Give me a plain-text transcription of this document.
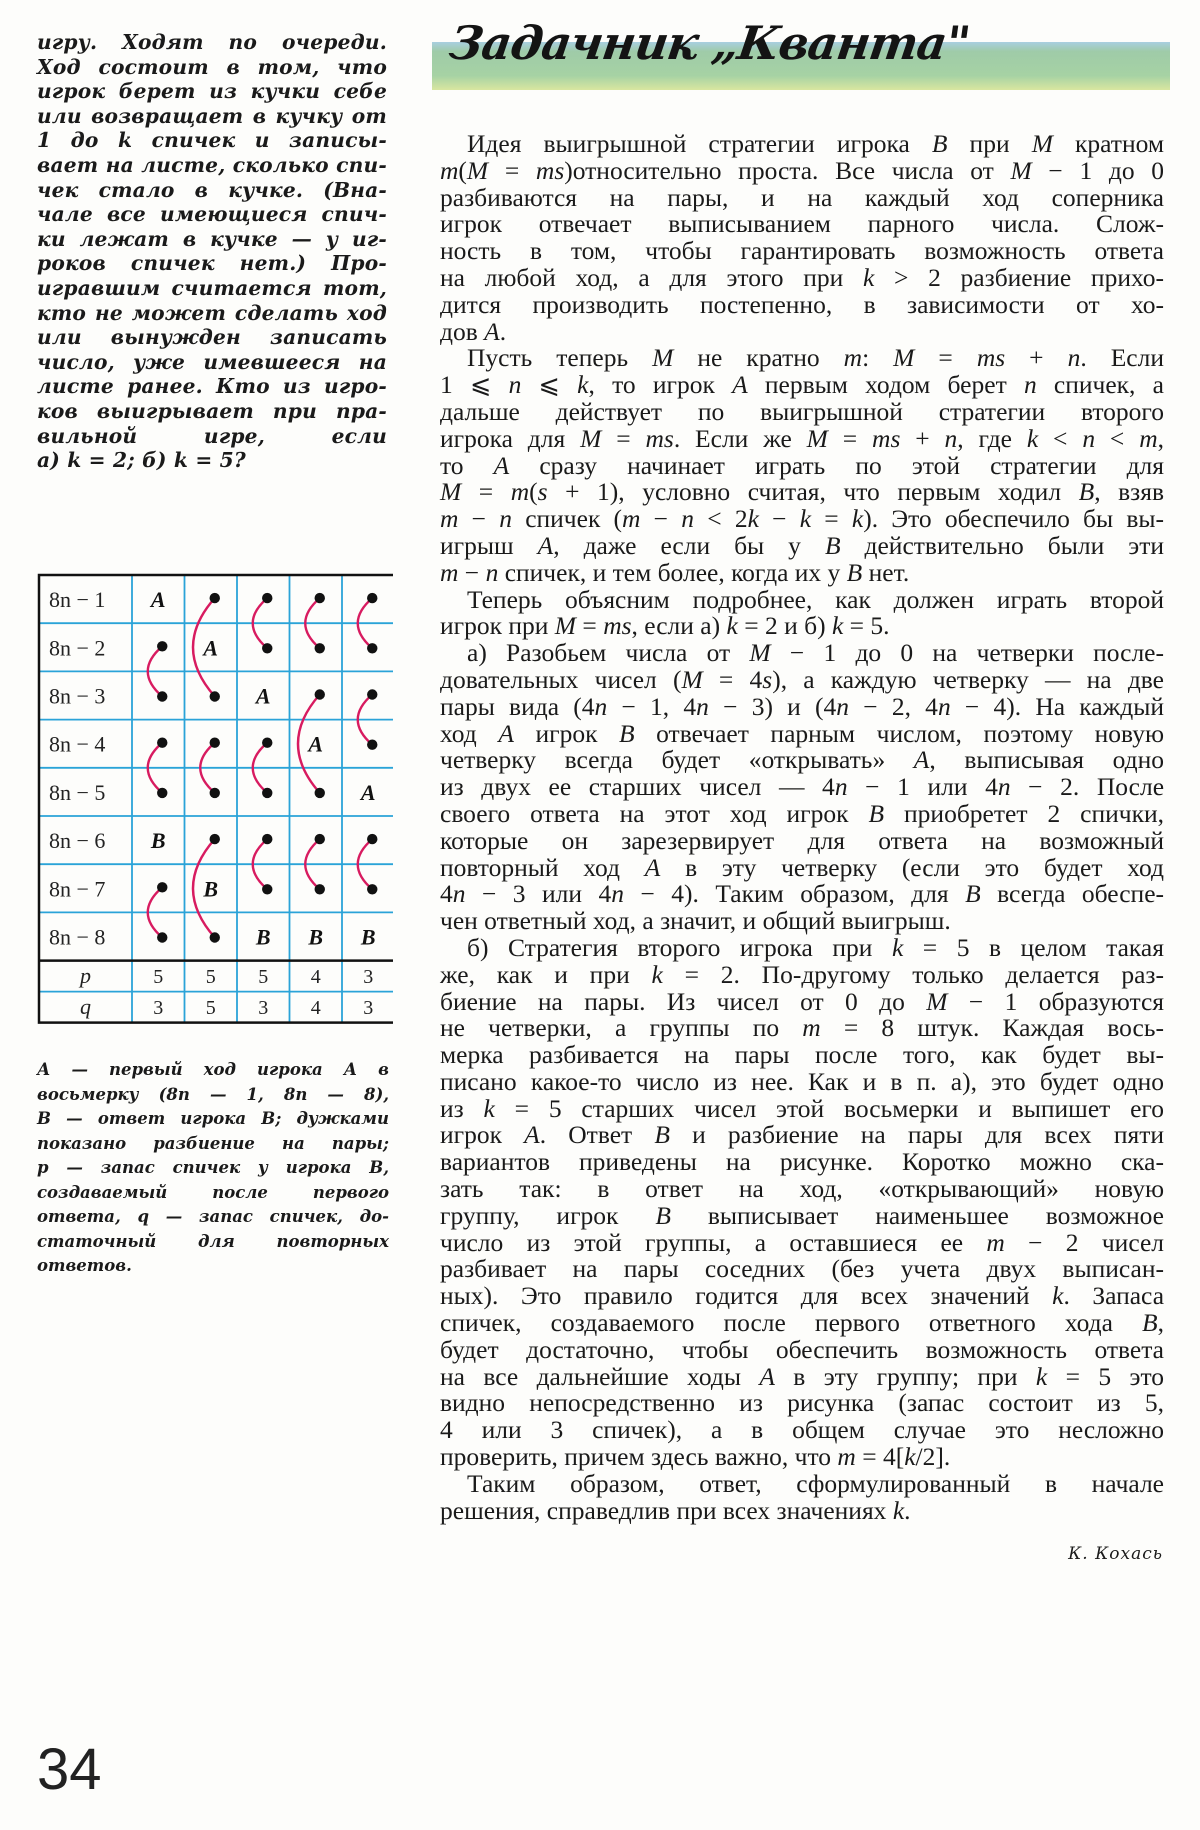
игру. Ходят по очереди.
Ход состоит в том, что
игрок берет из кучки себе
или возвращает в кучку от
1 до k спичек и записы-
вает на листе, сколько спи-
чек стало в кучке. (Вна-
чале все имеющиеся спич-
ки лежат в кучке — у иг-
роков спичек нет.) Про-
игравшим считается тот,
кто не может сделать ход
или вынужден записать
число, уже имевшееся на
листе ранее. Кто из игро-
ков выигрывает при пра-
вильной игре, если
а) k = 2; б) k = 5?

8n − 1
8n − 2
8n − 3
8n − 4
8n − 5
8n − 6
8n − 7
8n − 8
p
q
A
B
5
3
A
B
5
5
A
B
5
3
A
B
4
4
A
B
3
3
А — первый ход игрока А в
восьмерку (8n — 1, 8n — 8),
В — ответ игрока В; дужками
показано разбиение на пары;
p — запас спичек у игрока В,
создаваемый после первого
ответа, q — запас спичек, до-
статочный для повторных
ответов.
Задачник „Кванта"
Идея выигрышной стратегии игрока B при M кратном
m(M = ms)относительно проста. Все числа от M − 1 до 0
разбиваются на пары, и на каждый ход соперника
игрок отвечает выписыванием парного числа. Слож-
ность в том, чтобы гарантировать возможность ответа
на любой ход, а для этого при k > 2 разбиение прихо-
дится производить постепенно, в зависимости от хо-
дов A.
Пусть теперь M не кратно m: M = ms + n. Если
1 ⩽ n ⩽ k, то игрок A первым ходом берет n спичек, а
дальше действует по выигрышной стратегии второго
игрока для M = ms. Если же M = ms + n, где k < n < m,
то A сразу начинает играть по этой стратегии для
M = m(s + 1), условно считая, что первым ходил B, взяв
m − n спичек (m − n < 2k − k = k). Это обеспечило бы вы-
игрыш A, даже если бы у B действительно были эти
m − n спичек, и тем более, когда их у B нет.
Теперь объясним подробнее, как должен играть второй
игрок при M = ms, если а) k = 2 и б) k = 5.
а) Разобьем числа от M − 1 до 0 на четверки после-
довательных чисел (M = 4s), а каждую четверку — на две
пары вида (4n − 1, 4n − 3) и (4n − 2, 4n − 4). На каждый
ход A игрок B отвечает парным числом, поэтому новую
четверку всегда будет «открывать» A, выписывая одно
из двух ее старших чисел — 4n − 1 или 4n − 2. После
своего ответа на этот ход игрок B приобретет 2 спички,
которые он зарезервирует для ответа на возможный
повторный ход A в эту четверку (если это будет ход
4n − 3 или 4n − 4). Таким образом, для B всегда обеспе-
чен ответный ход, а значит, и общий выигрыш.
б) Стратегия второго игрока при k = 5 в целом такая
же, как и при k = 2. По-другому только делается раз-
биение на пары. Из чисел от 0 до M − 1 образуются
не четверки, а группы по m = 8 штук. Каждая вось-
мерка разбивается на пары после того, как будет вы-
писано какое-то число из нее. Как и в п. а), это будет одно
из k = 5 старших чисел этой восьмерки и выпишет его
игрок A. Ответ B и разбиение на пары для всех пяти
вариантов приведены на рисунке. Коротко можно ска-
зать так: в ответ на ход, «открывающий» новую
группу, игрок B выписывает наименьшее возможное
число из этой группы, а оставшиеся ее m − 2 чисел
разбивает на пары соседних (без учета двух выписан-
ных). Это правило годится для всех значений k. Запаса
спичек, создаваемого после первого ответного хода B,
будет достаточно, чтобы обеспечить возможность ответа
на все дальнейшие ходы A в эту группу; при k = 5 это
видно непосредственно из рисунка (запас состоит из 5,
4 или 3 спичек), а в общем случае это несложно
проверить, причем здесь важно, что m = 4[k/2].
Таким образом, ответ, сформулированный в начале
решения, справедлив при всех значениях k.
К. Кохась
34
